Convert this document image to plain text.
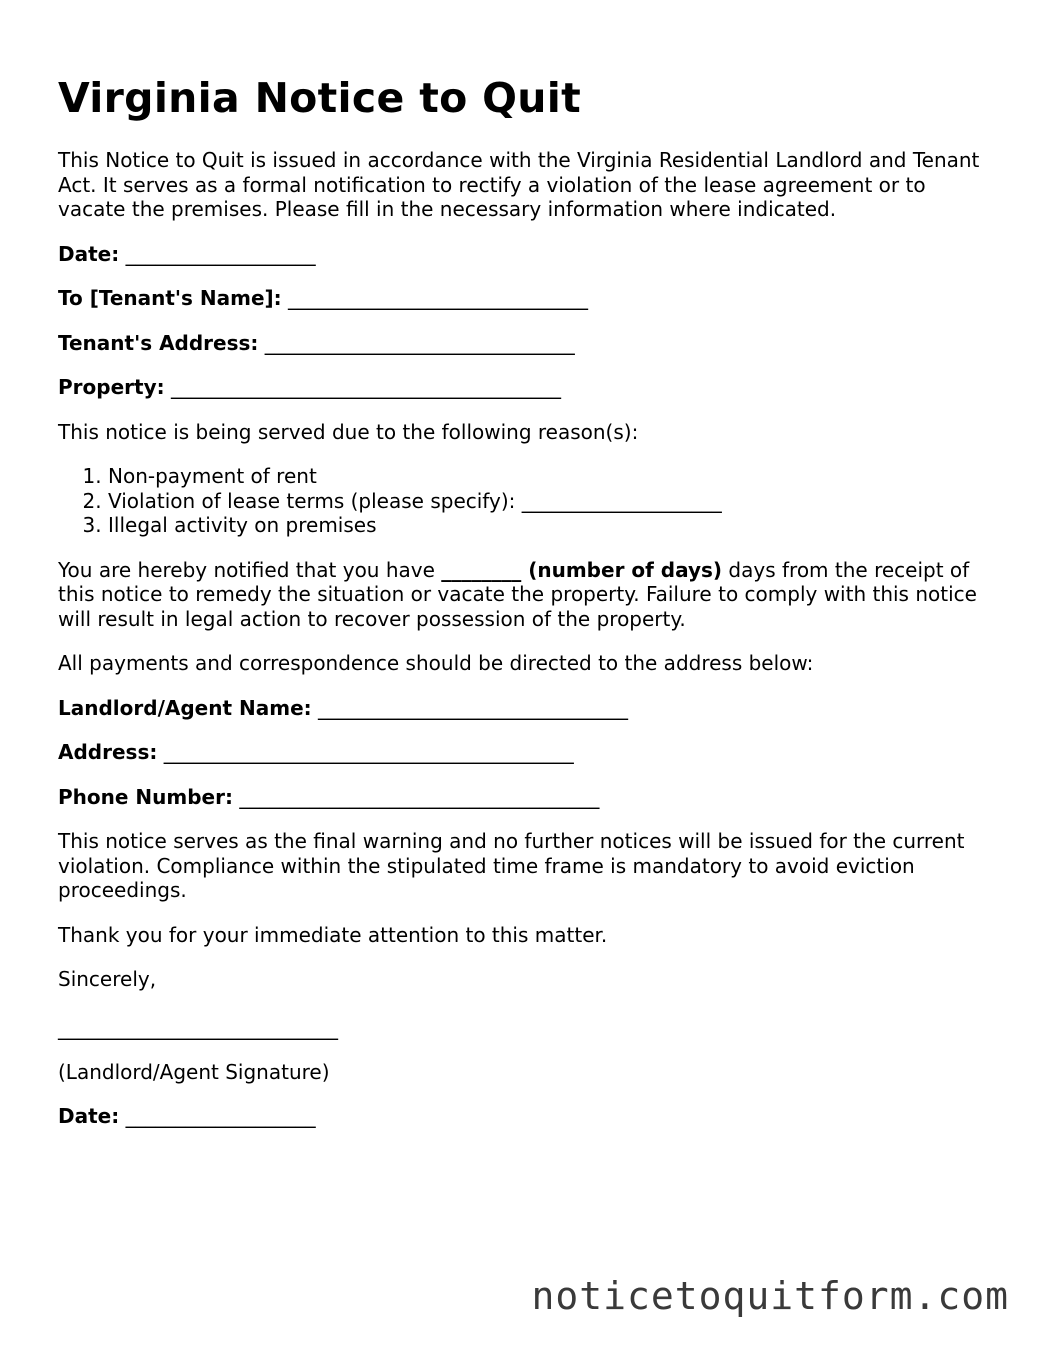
Virginia Notice to Quit

This Notice to Quit is issued in accordance with the Virginia Residential Landlord and Tenant Act. It serves as a formal notification to rectify a violation of the lease agreement or to vacate the premises. Please fill in the necessary information where indicated.

Date: ___________________
To [Tenant's Name]: ______________________________
Tenant's Address: _______________________________
Property: _______________________________________

This notice is being served due to the following reason(s):

1. Non-payment of rent
2. Violation of lease terms (please specify): ____________________
3. Illegal activity on premises

You are hereby notified that you have ________ (number of days) days from the receipt of this notice to remedy the situation or vacate the property. Failure to comply with this notice will result in legal action to recover possession of the property.

All payments and correspondence should be directed to the address below:

Landlord/Agent Name: _______________________________
Address: _________________________________________
Phone Number: ____________________________________

This notice serves as the final warning and no further notices will be issued for the current violation. Compliance within the stipulated time frame is mandatory to avoid eviction proceedings.

Thank you for your immediate attention to this matter.

Sincerely,

____________________________

(Landlord/Agent Signature)

Date: ___________________
noticetoquitform.com
